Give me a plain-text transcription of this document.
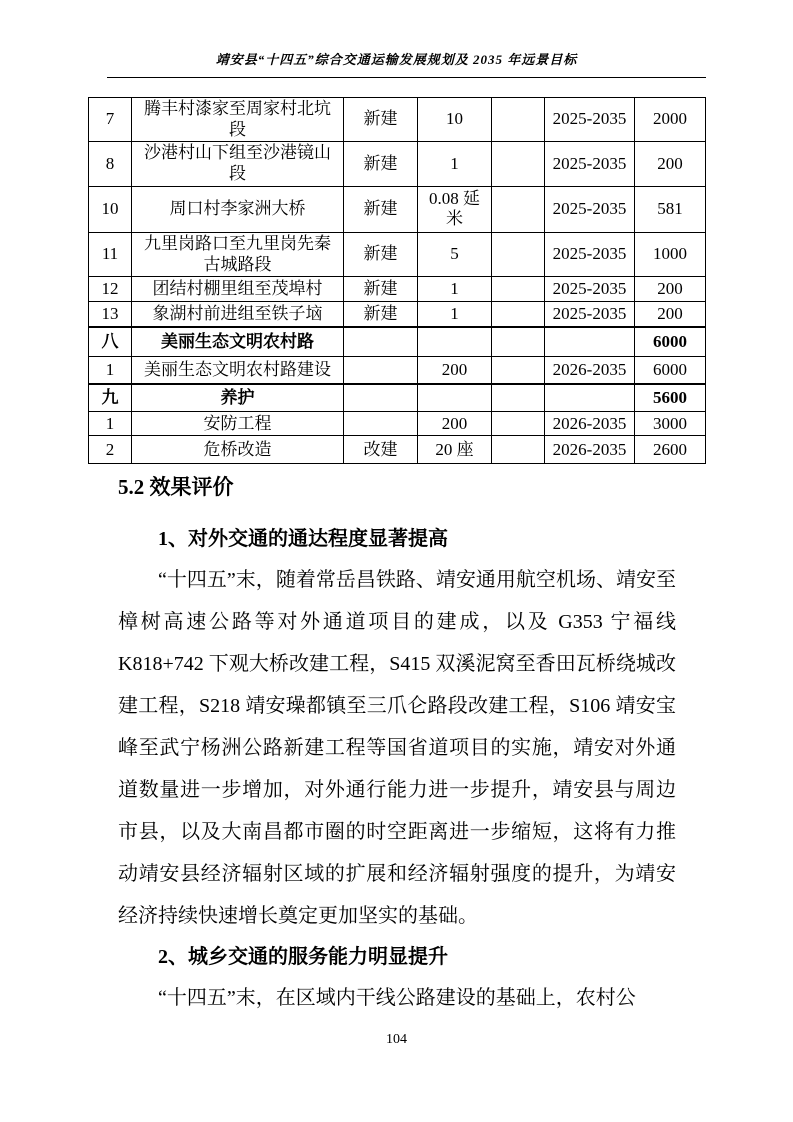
靖安县“十四五”综合交通运输发展规划及 2035 年远景目标
7	腾丰村漆家至周家村北坑段	新建	10		2025-2035	2000
8	沙港村山下组至沙港镜山段	新建	1		2025-2035	200
10	周口村李家洲大桥	新建	0.08 延米		2025-2035	581
11	九里岗路口至九里岗先秦古城路段	新建	5		2025-2035	1000
12	团结村棚里组至茂埠村	新建	1		2025-2035	200
13	象湖村前进组至铁子垴	新建	1		2025-2035	200
八	美丽生态文明农村路					6000
1	美丽生态文明农村路建设		200		2026-2035	6000
九	养护					5600
1	安防工程		200		2026-2035	3000
2	危桥改造	改建	20 座		2026-2035	2600
5.2 效果评价
1、对外交通的通达程度显著提高

“十四五”末，随着常岳昌铁路、靖安通用航空机场、靖安至樟树高速公路等对外通道项目的建成，以及 G353 宁福线 K818+742 下观大桥改建工程，S415 双溪泥窝至香田瓦桥绕城改建工程，S218 靖安璪都镇至三爪仑路段改建工程，S106 靖安宝峰至武宁杨洲公路新建工程等国省道项目的实施，靖安对外通道数量进一步增加，对外通行能力进一步提升，靖安县与周边市县，以及大南昌都市圈的时空距离进一步缩短，这将有力推动靖安县经济辐射区域的扩展和经济辐射强度的提升，为靖安经济持续快速增长奠定更加坚实的基础。

2、城乡交通的服务能力明显提升

“十四五”末，在区域内干线公路建设的基础上，农村公

104
